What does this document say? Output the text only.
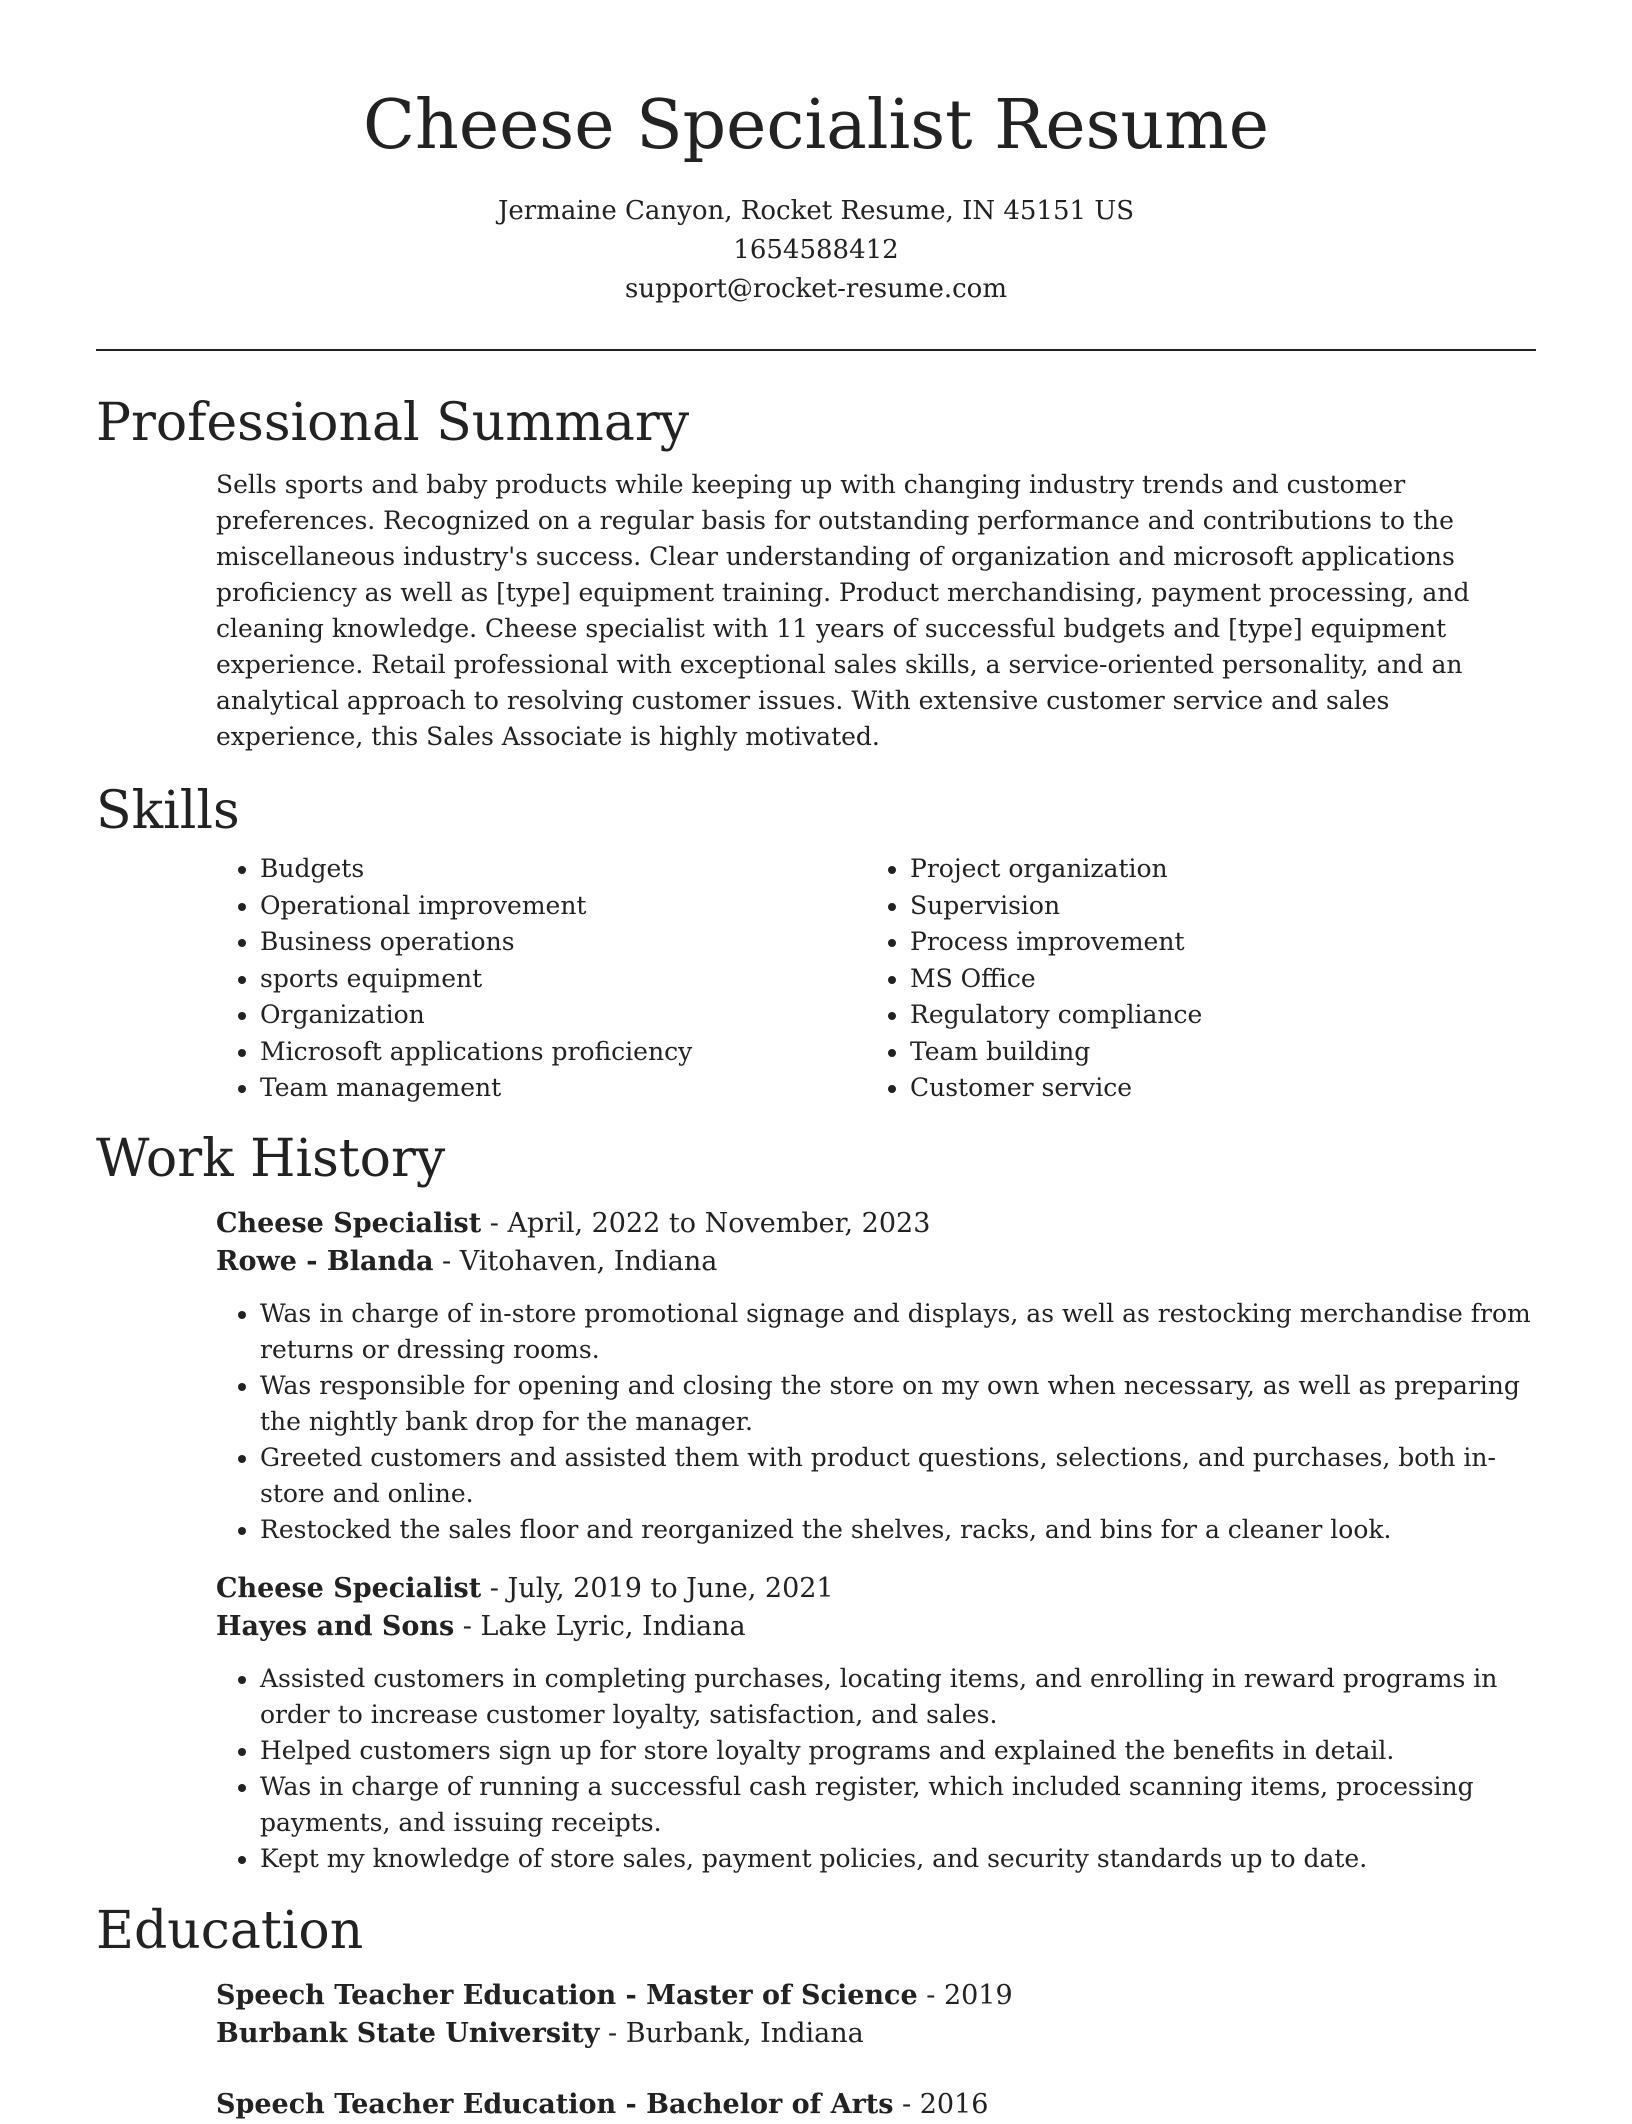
Cheese Specialist Resume
Jermaine Canyon, Rocket Resume, IN 45151 US
1654588412
support@rocket-resume.com
Professional Summary
Sells sports and baby products while keeping up with changing industry trends and customer preferences. Recognized on a regular basis for outstanding performance and contributions to the miscellaneous industry's success. Clear understanding of organization and microsoft applications proficiency as well as [type] equipment training. Product merchandising, payment processing, and cleaning knowledge. Cheese specialist with 11 years of successful budgets and [type] equipment experience. Retail professional with exceptional sales skills, a service-oriented personality, and an analytical approach to resolving customer issues. With extensive customer service and sales experience, this Sales Associate is highly motivated.
Skills
• Budgets
• Operational improvement
• Business operations
• sports equipment
• Organization
• Microsoft applications proficiency
• Team management
• Project organization
• Supervision
• Process improvement
• MS Office
• Regulatory compliance
• Team building
• Customer service
Work History
Cheese Specialist - April, 2022 to November, 2023
Rowe - Blanda - Vitohaven, Indiana
• Was in charge of in-store promotional signage and displays, as well as restocking merchandise from returns or dressing rooms.
• Was responsible for opening and closing the store on my own when necessary, as well as preparing the nightly bank drop for the manager.
• Greeted customers and assisted them with product questions, selections, and purchases, both in-store and online.
• Restocked the sales floor and reorganized the shelves, racks, and bins for a cleaner look.
Cheese Specialist - July, 2019 to June, 2021
Hayes and Sons - Lake Lyric, Indiana
• Assisted customers in completing purchases, locating items, and enrolling in reward programs in order to increase customer loyalty, satisfaction, and sales.
• Helped customers sign up for store loyalty programs and explained the benefits in detail.
• Was in charge of running a successful cash register, which included scanning items, processing payments, and issuing receipts.
• Kept my knowledge of store sales, payment policies, and security standards up to date.
Education
Speech Teacher Education - Master of Science - 2019
Burbank State University - Burbank, Indiana
Speech Teacher Education - Bachelor of Arts - 2016
